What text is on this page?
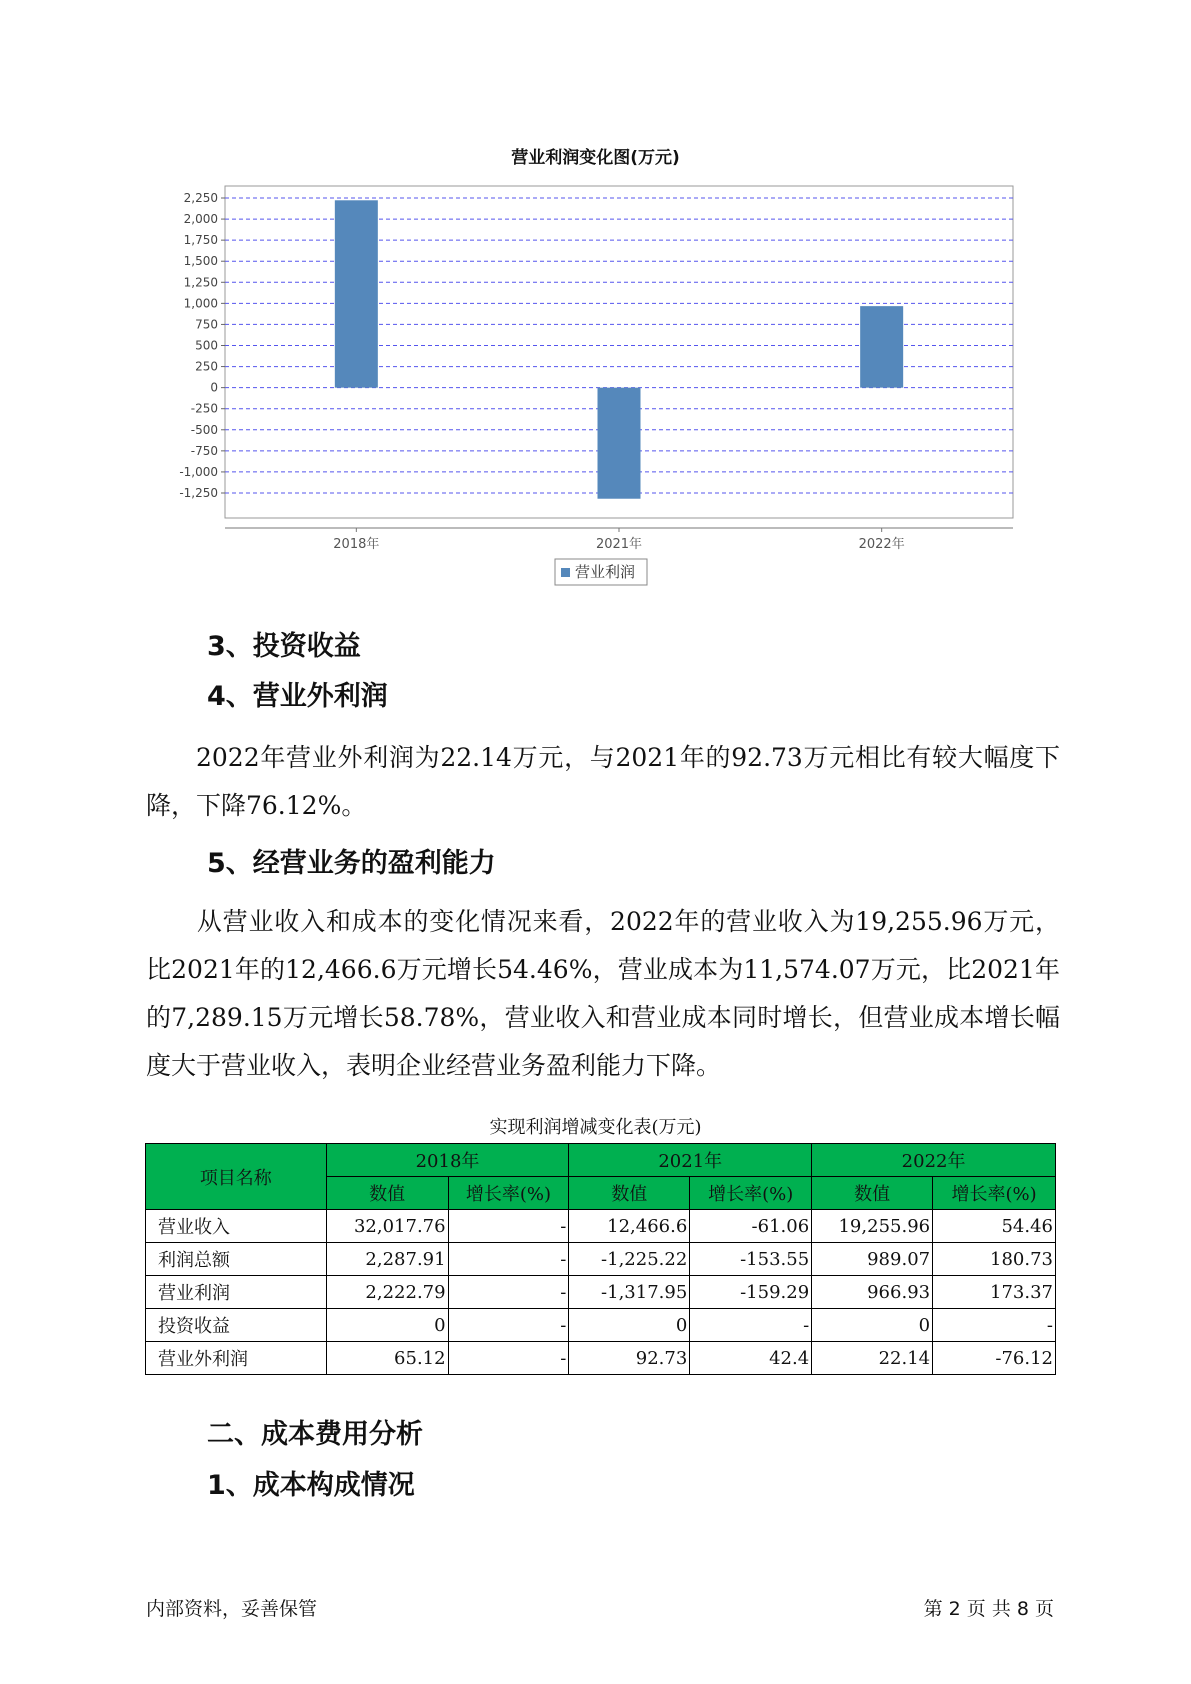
营业利润变化图(万元)
2,250
2,000
1,750
1,500
1,250
1,000
750
500
250
0
-250
-500
-750
-1,000
-1,250
2018年	2021年	2022年
营业利润
3、投资收益
4、营业外利润
2022年营业外利润为22.14万元，与2021年的92.73万元相比有较大幅度下降，下降76.12%。
5、经营业务的盈利能力
从营业收入和成本的变化情况来看，2022年的营业收入为19,255.96万元，比2021年的12,466.6万元增长54.46%，营业成本为11,574.07万元，比2021年的7,289.15万元增长58.78%，营业收入和营业成本同时增长，但营业成本增长幅度大于营业收入，表明企业经营业务盈利能力下降。
实现利润增减变化表(万元)
项目名称	2018年		2021年		2022年	
	数值	增长率(%)	数值	增长率(%)	数值	增长率(%)
营业收入	32,017.76	-	12,466.6	-61.06	19,255.96	54.46
利润总额	2,287.91	-	-1,225.22	-153.55	989.07	180.73
营业利润	2,222.79	-	-1,317.95	-159.29	966.93	173.37
投资收益	0	-	0	-	0	-
营业外利润	65.12	-	92.73	42.4	22.14	-76.12
二、成本费用分析
1、成本构成情况
内部资料，妥善保管	第 2 页 共 8 页
